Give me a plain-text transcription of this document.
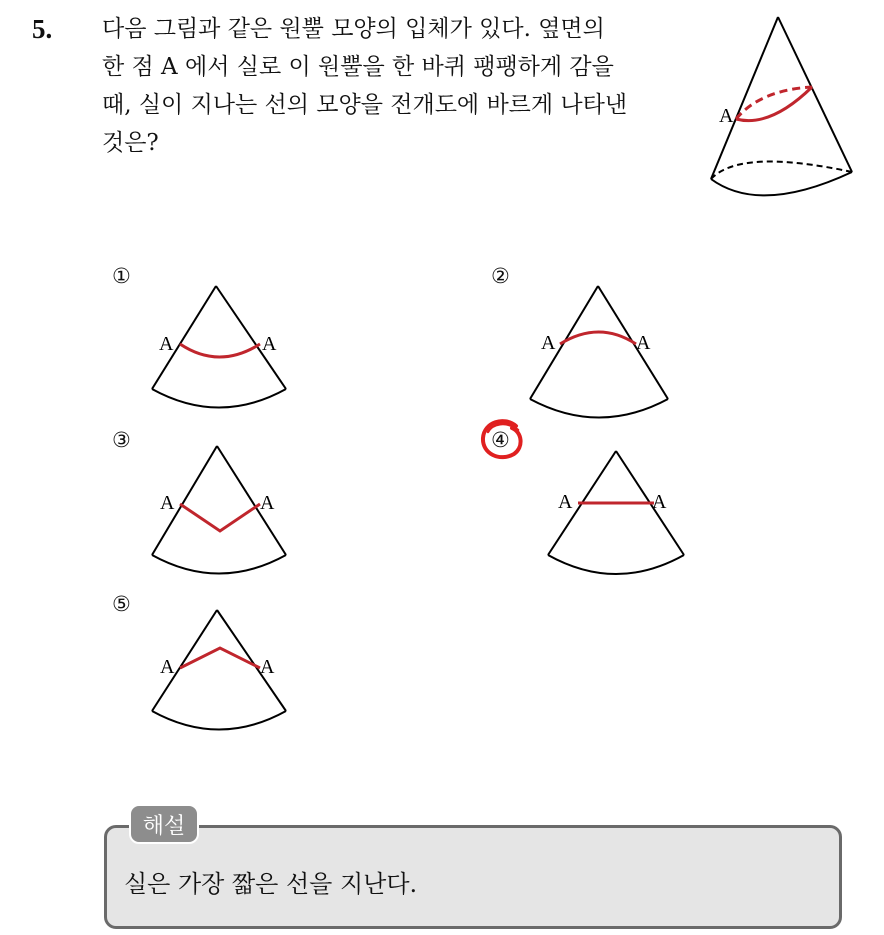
5. 다음 그림과 같은 원뿔 모양의 입체가 있다. 옆면의
한 점 A 에서 실로 이 원뿔을 한 바퀴 팽팽하게 감을
때, 실이 지나는 선의 모양을 전개도에 바르게 나타낸
것은?

A
①
A	A
②
A	A
③
A	A
④
A	A
⑤
A	A
해설
실은 가장 짧은 선을 지난다.
